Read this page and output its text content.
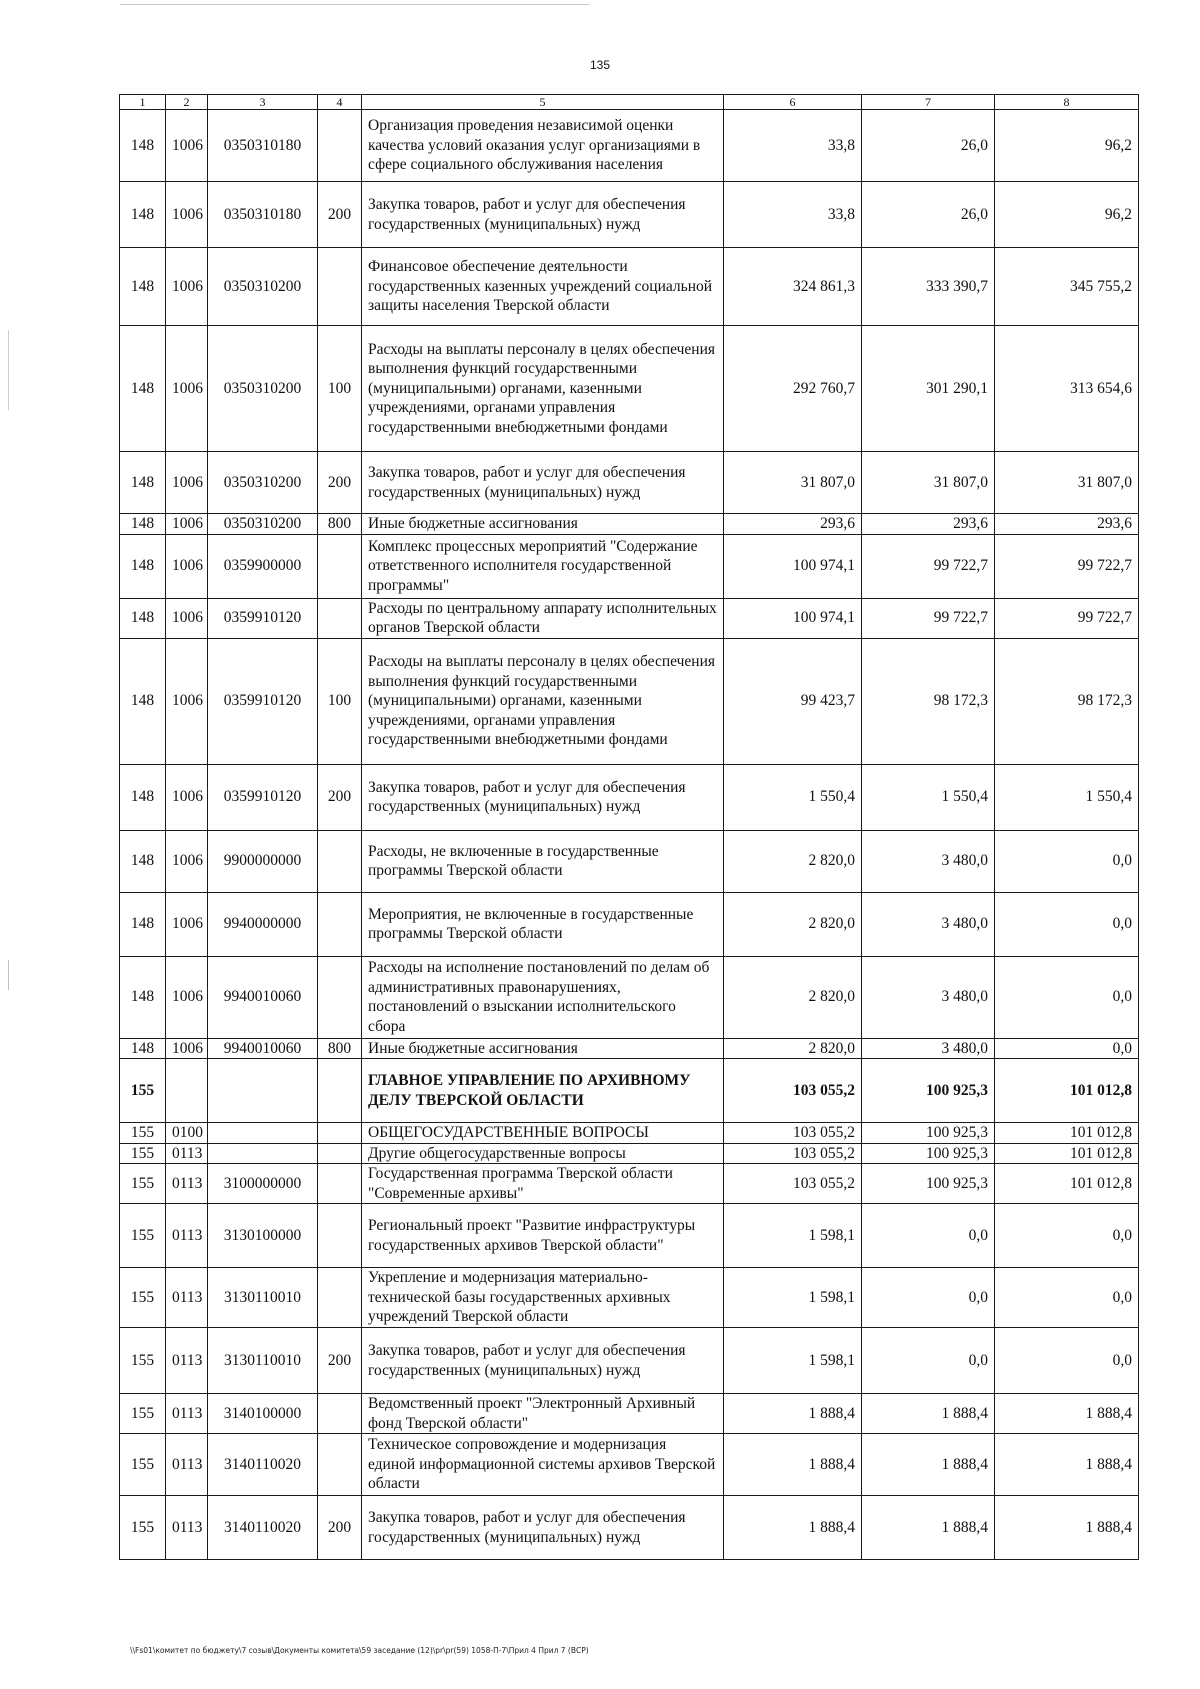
135
1	2	3	4	5	6	7	8
148	1006	0350310180		Организация проведения независимой оценки качества условий оказания услуг организациями в сфере социального обслуживания населения	33,8	26,0	96,2
148	1006	0350310180	200	Закупка товаров, работ и услуг для обеспечения государственных (муниципальных) нужд	33,8	26,0	96,2
148	1006	0350310200		Финансовое обеспечение деятельности государственных казенных учреждений социальной защиты населения Тверской области	324 861,3	333 390,7	345 755,2
148	1006	0350310200	100	Расходы на выплаты персоналу в целях обеспечения выполнения функций государственными (муниципальными) органами, казенными учреждениями, органами управления государственными внебюджетными фондами	292 760,7	301 290,1	313 654,6
148	1006	0350310200	200	Закупка товаров, работ и услуг для обеспечения государственных (муниципальных) нужд	31 807,0	31 807,0	31 807,0
148	1006	0350310200	800	Иные бюджетные ассигнования	293,6	293,6	293,6
148	1006	0359900000		Комплекс процессных мероприятий "Содержание ответственного исполнителя государственной программы"	100 974,1	99 722,7	99 722,7
148	1006	0359910120		Расходы по центральному аппарату исполнительных органов Тверской области	100 974,1	99 722,7	99 722,7
148	1006	0359910120	100	Расходы на выплаты персоналу в целях обеспечения выполнения функций государственными (муниципальными) органами, казенными учреждениями, органами управления государственными внебюджетными фондами	99 423,7	98 172,3	98 172,3
148	1006	0359910120	200	Закупка товаров, работ и услуг для обеспечения государственных (муниципальных) нужд	1 550,4	1 550,4	1 550,4
148	1006	9900000000		Расходы, не включенные в государственные программы Тверской области	2 820,0	3 480,0	0,0
148	1006	9940000000		Мероприятия, не включенные в государственные программы Тверской области	2 820,0	3 480,0	0,0
148	1006	9940010060		Расходы на исполнение постановлений по делам об административных правонарушениях, постановлений о взыскании исполнительского сбора	2 820,0	3 480,0	0,0
148	1006	9940010060	800	Иные бюджетные ассигнования	2 820,0	3 480,0	0,0
155				ГЛАВНОЕ УПРАВЛЕНИЕ ПО АРХИВНОМУ ДЕЛУ ТВЕРСКОЙ ОБЛАСТИ	103 055,2	100 925,3	101 012,8
155	0100			ОБЩЕГОСУДАРСТВЕННЫЕ ВОПРОСЫ	103 055,2	100 925,3	101 012,8
155	0113			Другие общегосударственные вопросы	103 055,2	100 925,3	101 012,8
155	0113	3100000000		Государственная программа Тверской области "Современные архивы"	103 055,2	100 925,3	101 012,8
155	0113	3130100000		Региональный проект "Развитие инфраструктуры государственных архивов Тверской области"	1 598,1	0,0	0,0
155	0113	3130110010		Укрепление и модернизация материально-технической базы государственных архивных учреждений Тверской области	1 598,1	0,0	0,0
155	0113	3130110010	200	Закупка товаров, работ и услуг для обеспечения государственных (муниципальных) нужд	1 598,1	0,0	0,0
155	0113	3140100000		Ведомственный проект "Электронный Архивный фонд Тверской области"	1 888,4	1 888,4	1 888,4
155	0113	3140110020		Техническое сопровождение и модернизация единой информационной системы архивов Тверской области	1 888,4	1 888,4	1 888,4
155	0113	3140110020	200	Закупка товаров, работ и услуг для обеспечения государственных (муниципальных) нужд	1 888,4	1 888,4	1 888,4
\\Fs01\комитет по бюджету\7 созыв\Документы комитета\59 заседание (12)\pr\pr(59) 1058-П-7\Прил 4 Прил 7 (ВСР)
